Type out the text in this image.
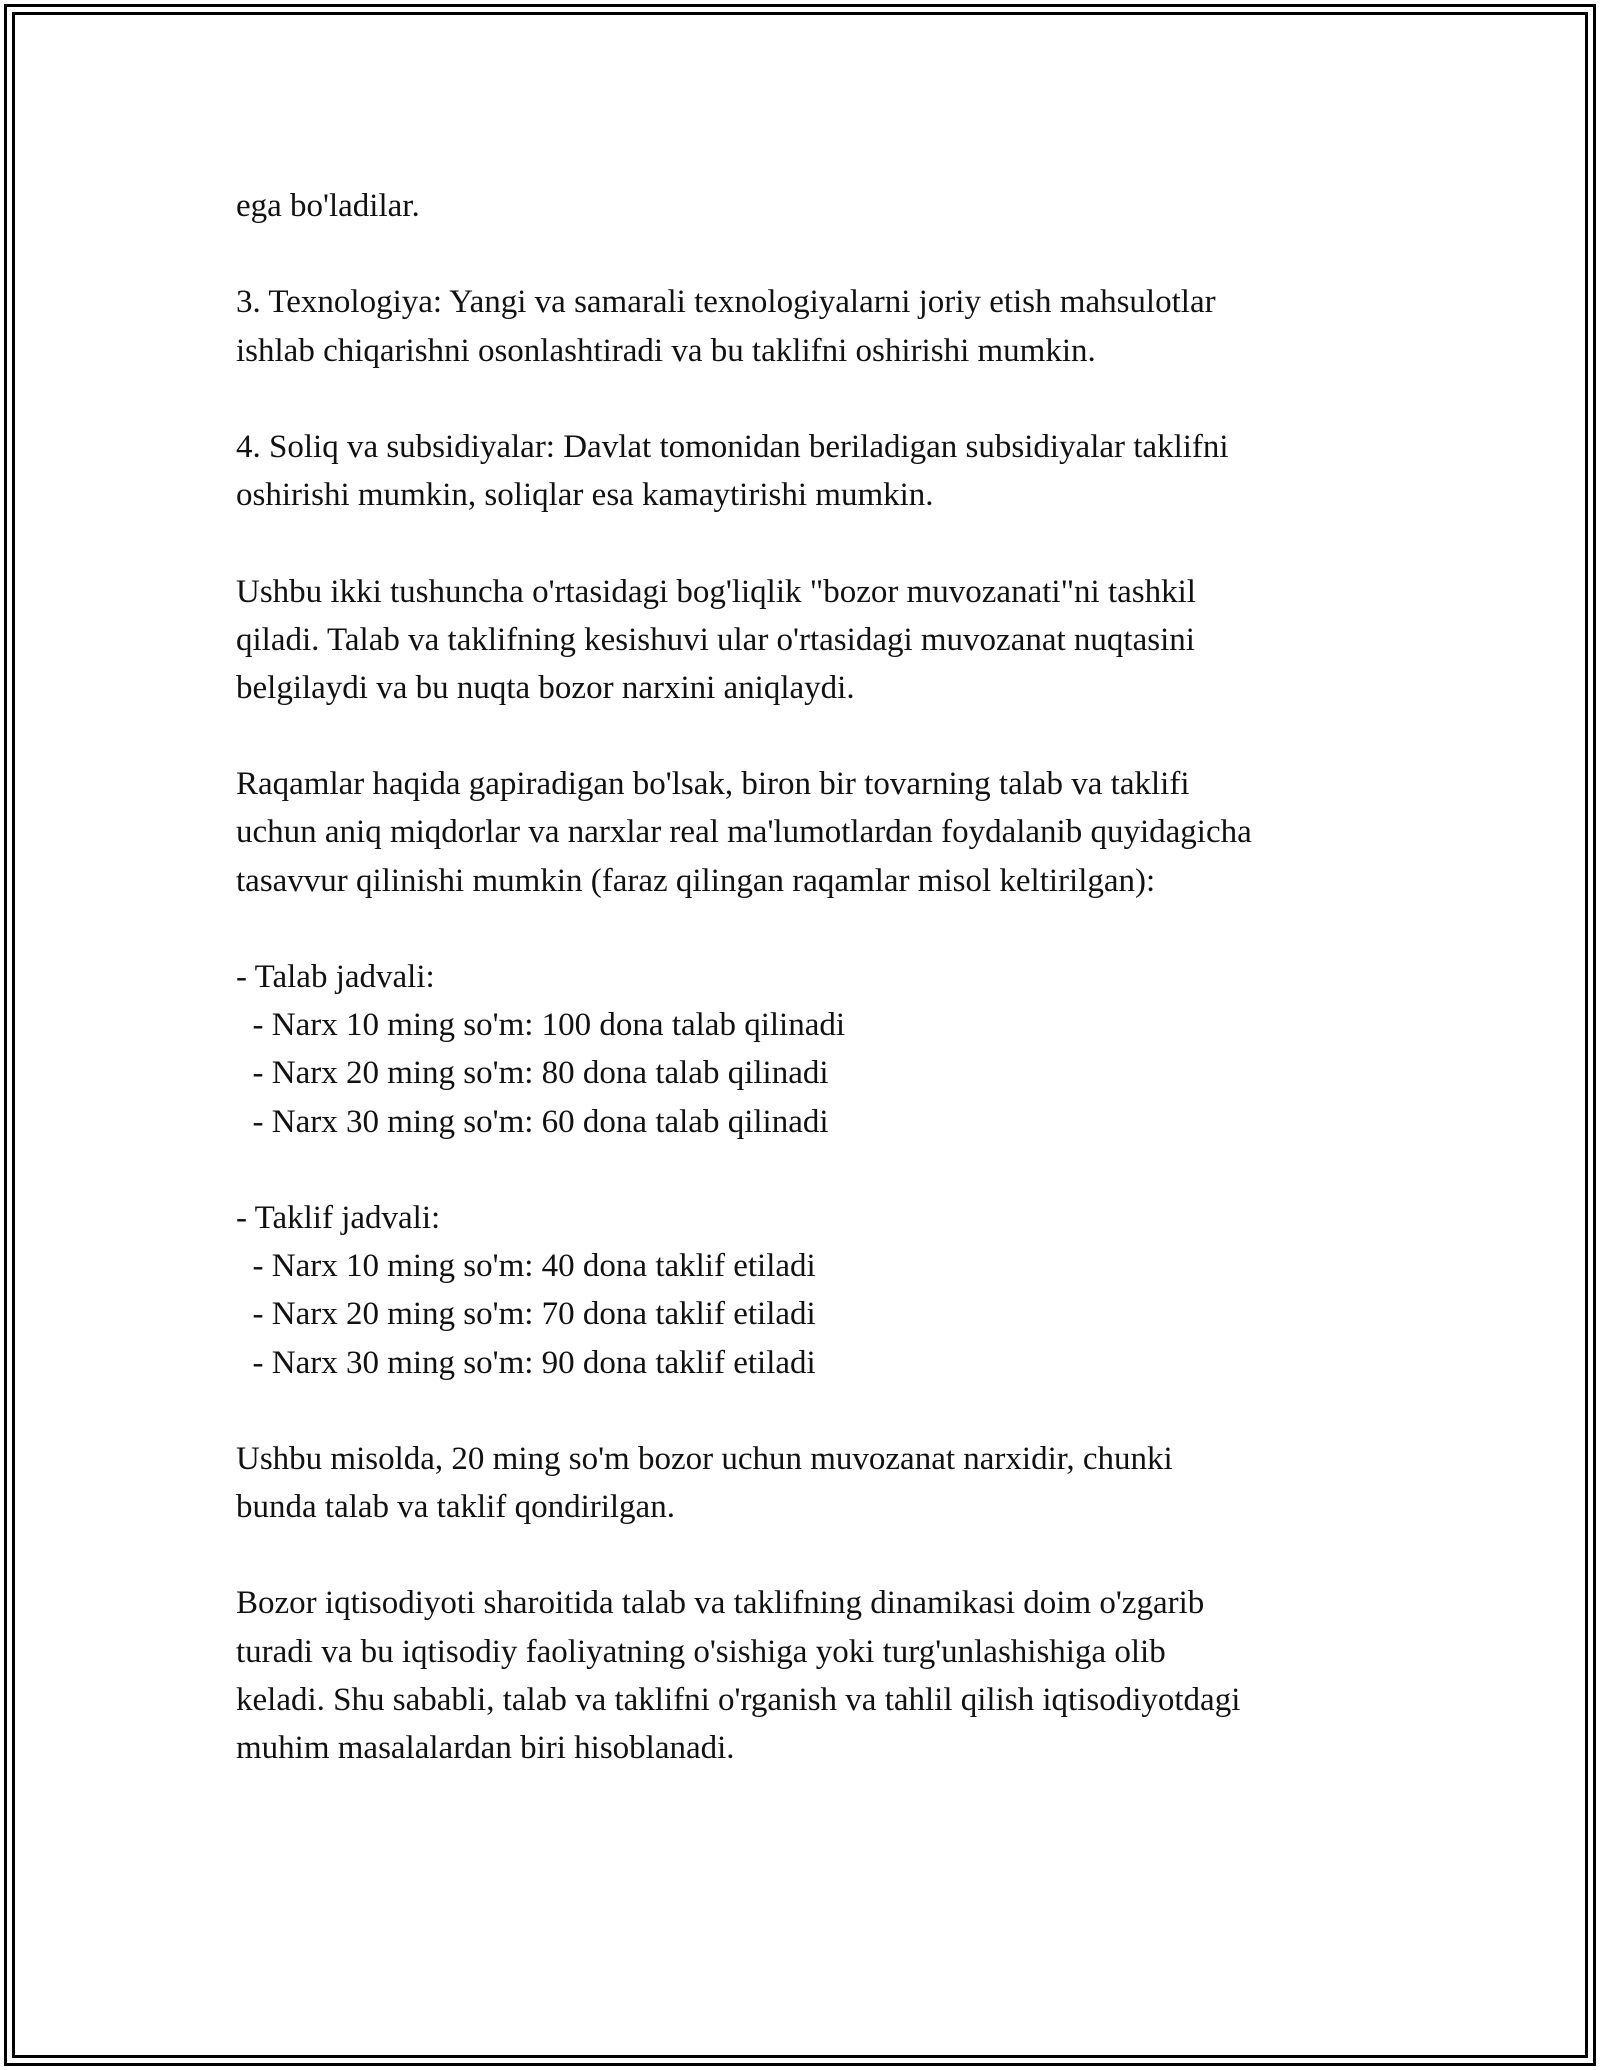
ega bo'ladilar.
3. Texnologiya: Yangi va samarali texnologiyalarni joriy etish mahsulotlar
ishlab chiqarishni osonlashtiradi va bu taklifni oshirishi mumkin.
4. Soliq va subsidiyalar: Davlat tomonidan beriladigan subsidiyalar taklifni
oshirishi mumkin, soliqlar esa kamaytirishi mumkin.
Ushbu ikki tushuncha o'rtasidagi bog'liqlik "bozor muvozanati"ni tashkil
qiladi. Talab va taklifning kesishuvi ular o'rtasidagi muvozanat nuqtasini
belgilaydi va bu nuqta bozor narxini aniqlaydi.
Raqamlar haqida gapiradigan bo'lsak, biron bir tovarning talab va taklifi
uchun aniq miqdorlar va narxlar real ma'lumotlardan foydalanib quyidagicha
tasavvur qilinishi mumkin (faraz qilingan raqamlar misol keltirilgan):
- Talab jadvali:
- Narx 10 ming so'm: 100 dona talab qilinadi
- Narx 20 ming so'm: 80 dona talab qilinadi
- Narx 30 ming so'm: 60 dona talab qilinadi
- Taklif jadvali:
- Narx 10 ming so'm: 40 dona taklif etiladi
- Narx 20 ming so'm: 70 dona taklif etiladi
- Narx 30 ming so'm: 90 dona taklif etiladi
Ushbu misolda, 20 ming so'm bozor uchun muvozanat narxidir, chunki
bunda talab va taklif qondirilgan.
Bozor iqtisodiyoti sharoitida talab va taklifning dinamikasi doim o'zgarib
turadi va bu iqtisodiy faoliyatning o'sishiga yoki turg'unlashishiga olib
keladi. Shu sababli, talab va taklifni o'rganish va tahlil qilish iqtisodiyotdagi
muhim masalalardan biri hisoblanadi.
